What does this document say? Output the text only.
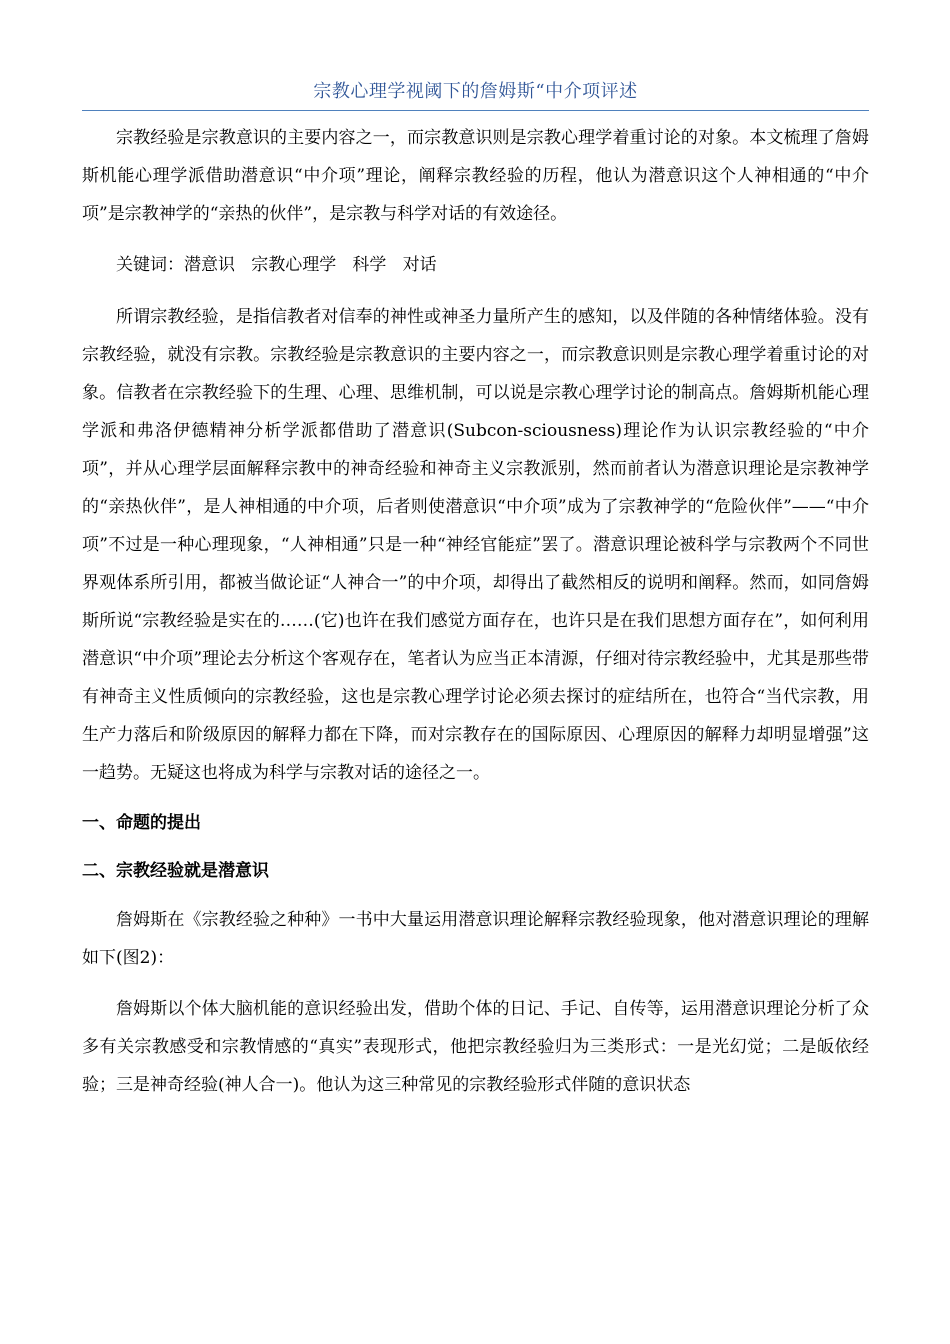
宗教心理学视阈下的詹姆斯“中介项评述

宗教经验是宗教意识的主要内容之一，而宗教意识则是宗教心理学着重讨论的对象。本文梳理了詹姆斯机能心理学派借助潜意识“中介项”理论，阐释宗教经验的历程，他认为潜意识这个人神相通的“中介项”是宗教神学的“亲热的伙伴”，是宗教与科学对话的有效途径。

关键词：潜意识   宗教心理学   科学   对话

所谓宗教经验，是指信教者对信奉的神性或神圣力量所产生的感知，以及伴随的各种情绪体验。没有宗教经验，就没有宗教。宗教经验是宗教意识的主要内容之一，而宗教意识则是宗教心理学着重讨论的对象。信教者在宗教经验下的生理、心理、思维机制，可以说是宗教心理学讨论的制高点。詹姆斯机能心理学派和弗洛伊德精神分析学派都借助了潜意识(Subcon-sciousness)理论作为认识宗教经验的“中介项”，并从心理学层面解释宗教中的神奇经验和神奇主义宗教派别，然而前者认为潜意识理论是宗教神学的“亲热伙伴”，是人神相通的中介项，后者则使潜意识“中介项”成为了宗教神学的“危险伙伴”——“中介项”不过是一种心理现象，“人神相通”只是一种“神经官能症”罢了。潜意识理论被科学与宗教两个不同世界观体系所引用，都被当做论证“人神合一”的中介项，却得出了截然相反的说明和阐释。然而，如同詹姆斯所说“宗教经验是实在的……(它)也许在我们感觉方面存在，也许只是在我们思想方面存在”，如何利用潜意识“中介项”理论去分析这个客观存在，笔者认为应当正本清源，仔细对待宗教经验中，尤其是那些带有神奇主义性质倾向的宗教经验，这也是宗教心理学讨论必须去探讨的症结所在，也符合“当代宗教，用生产力落后和阶级原因的解释力都在下降，而对宗教存在的国际原因、心理原因的解释力却明显增强”这一趋势。无疑这也将成为科学与宗教对话的途径之一。

一、命题的提出
二、宗教经验就是潜意识

詹姆斯在《宗教经验之种种》一书中大量运用潜意识理论解释宗教经验现象，他对潜意识理论的理解如下(图2)：

詹姆斯以个体大脑机能的意识经验出发，借助个体的日记、手记、自传等，运用潜意识理论分析了众多有关宗教感受和宗教情感的“真实”表现形式，他把宗教经验归为三类形式：一是光幻觉；二是皈依经验；三是神奇经验(神人合一)。他认为这三种常见的宗教经验形式伴随的意识状态
